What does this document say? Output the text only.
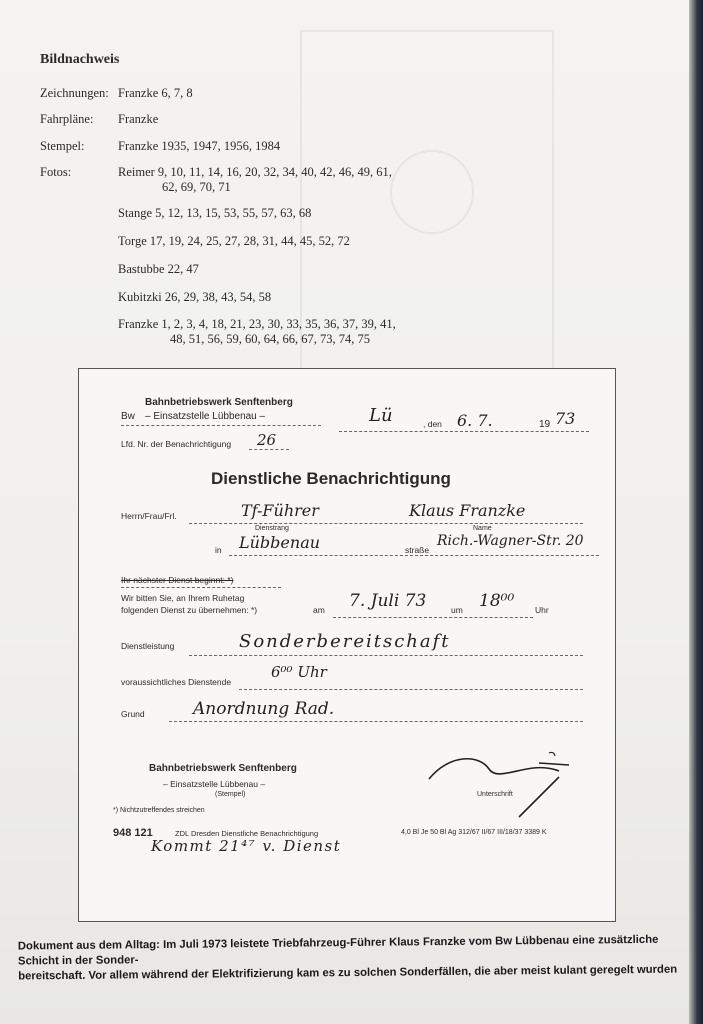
Bildnachweis
Zeichnungen: Franzke 6, 7, 8
Fahrpläne: Franzke
Stempel:	Franzke 1935, 1947, 1956, 1984
Fotos:	Reimer 9, 10, 11, 14, 16, 20, 32, 34, 40, 42, 46, 49, 61,
62, 69, 70, 71
Stange 5, 12, 13, 15, 53, 55, 57, 63, 68
Torge 17, 19, 24, 25, 27, 28, 31, 44, 45, 52, 72
Bastubbe 22, 47
Kubitzki 26, 29, 38, 43, 54, 58
Franzke 1, 2, 3, 4, 18, 21, 23, 30, 33, 35, 36, 37, 39, 41,
48, 51, 56, 59, 60, 64, 66, 67, 73, 74, 75
Bahnbetriebswerk Senftenberg
Bw – Einsatzstelle Lübbenau –	Lü	, den 6. 7.	19 73
Lfd. Nr. der Benachrichtigung 26
Dienstliche Benachrichtigung
Herrn/Frau/Frl.	Tf-Führer	Klaus Franzke
Dienstrang	Name
in Lübbenau	straße
Rich.-Wagner-Str. 20
Ihr nächster Dienst beginnt: *)
Wir bitten Sie, an Ihrem Ruhetag
folgenden Dienst zu übernehmen: *)	am 7. Juli 73	um 18⁰⁰ Uhr
Dienstleistung	Sonderbereitschaft
voraussichtliches Dienstende
6⁰⁰ Uhr
Grund	Anordnung Rad.
Bahnbetriebswerk Senftenberg
– Einsatzstelle Lübbenau –
(Stempel)	Unterschrift
*) Nichtzutreffendes streichen
948 121	ZDL Dresden Dienstliche Benachrichtigung	4,0 Bl Je 50 Bl Ag 312/67 II/67 III/18/37 3389 K
Kommt 21⁴⁷ v. Dienst
Dokument aus dem Alltag: Im Juli 1973 leistete Triebfahrzeug-Führer Klaus Franzke vom Bw Lübbenau eine zusätzliche Schicht in der Sonder-
bereitschaft. Vor allem während der Elektrifizierung kam es zu solchen Sonderfällen, die aber meist kulant geregelt wurden
